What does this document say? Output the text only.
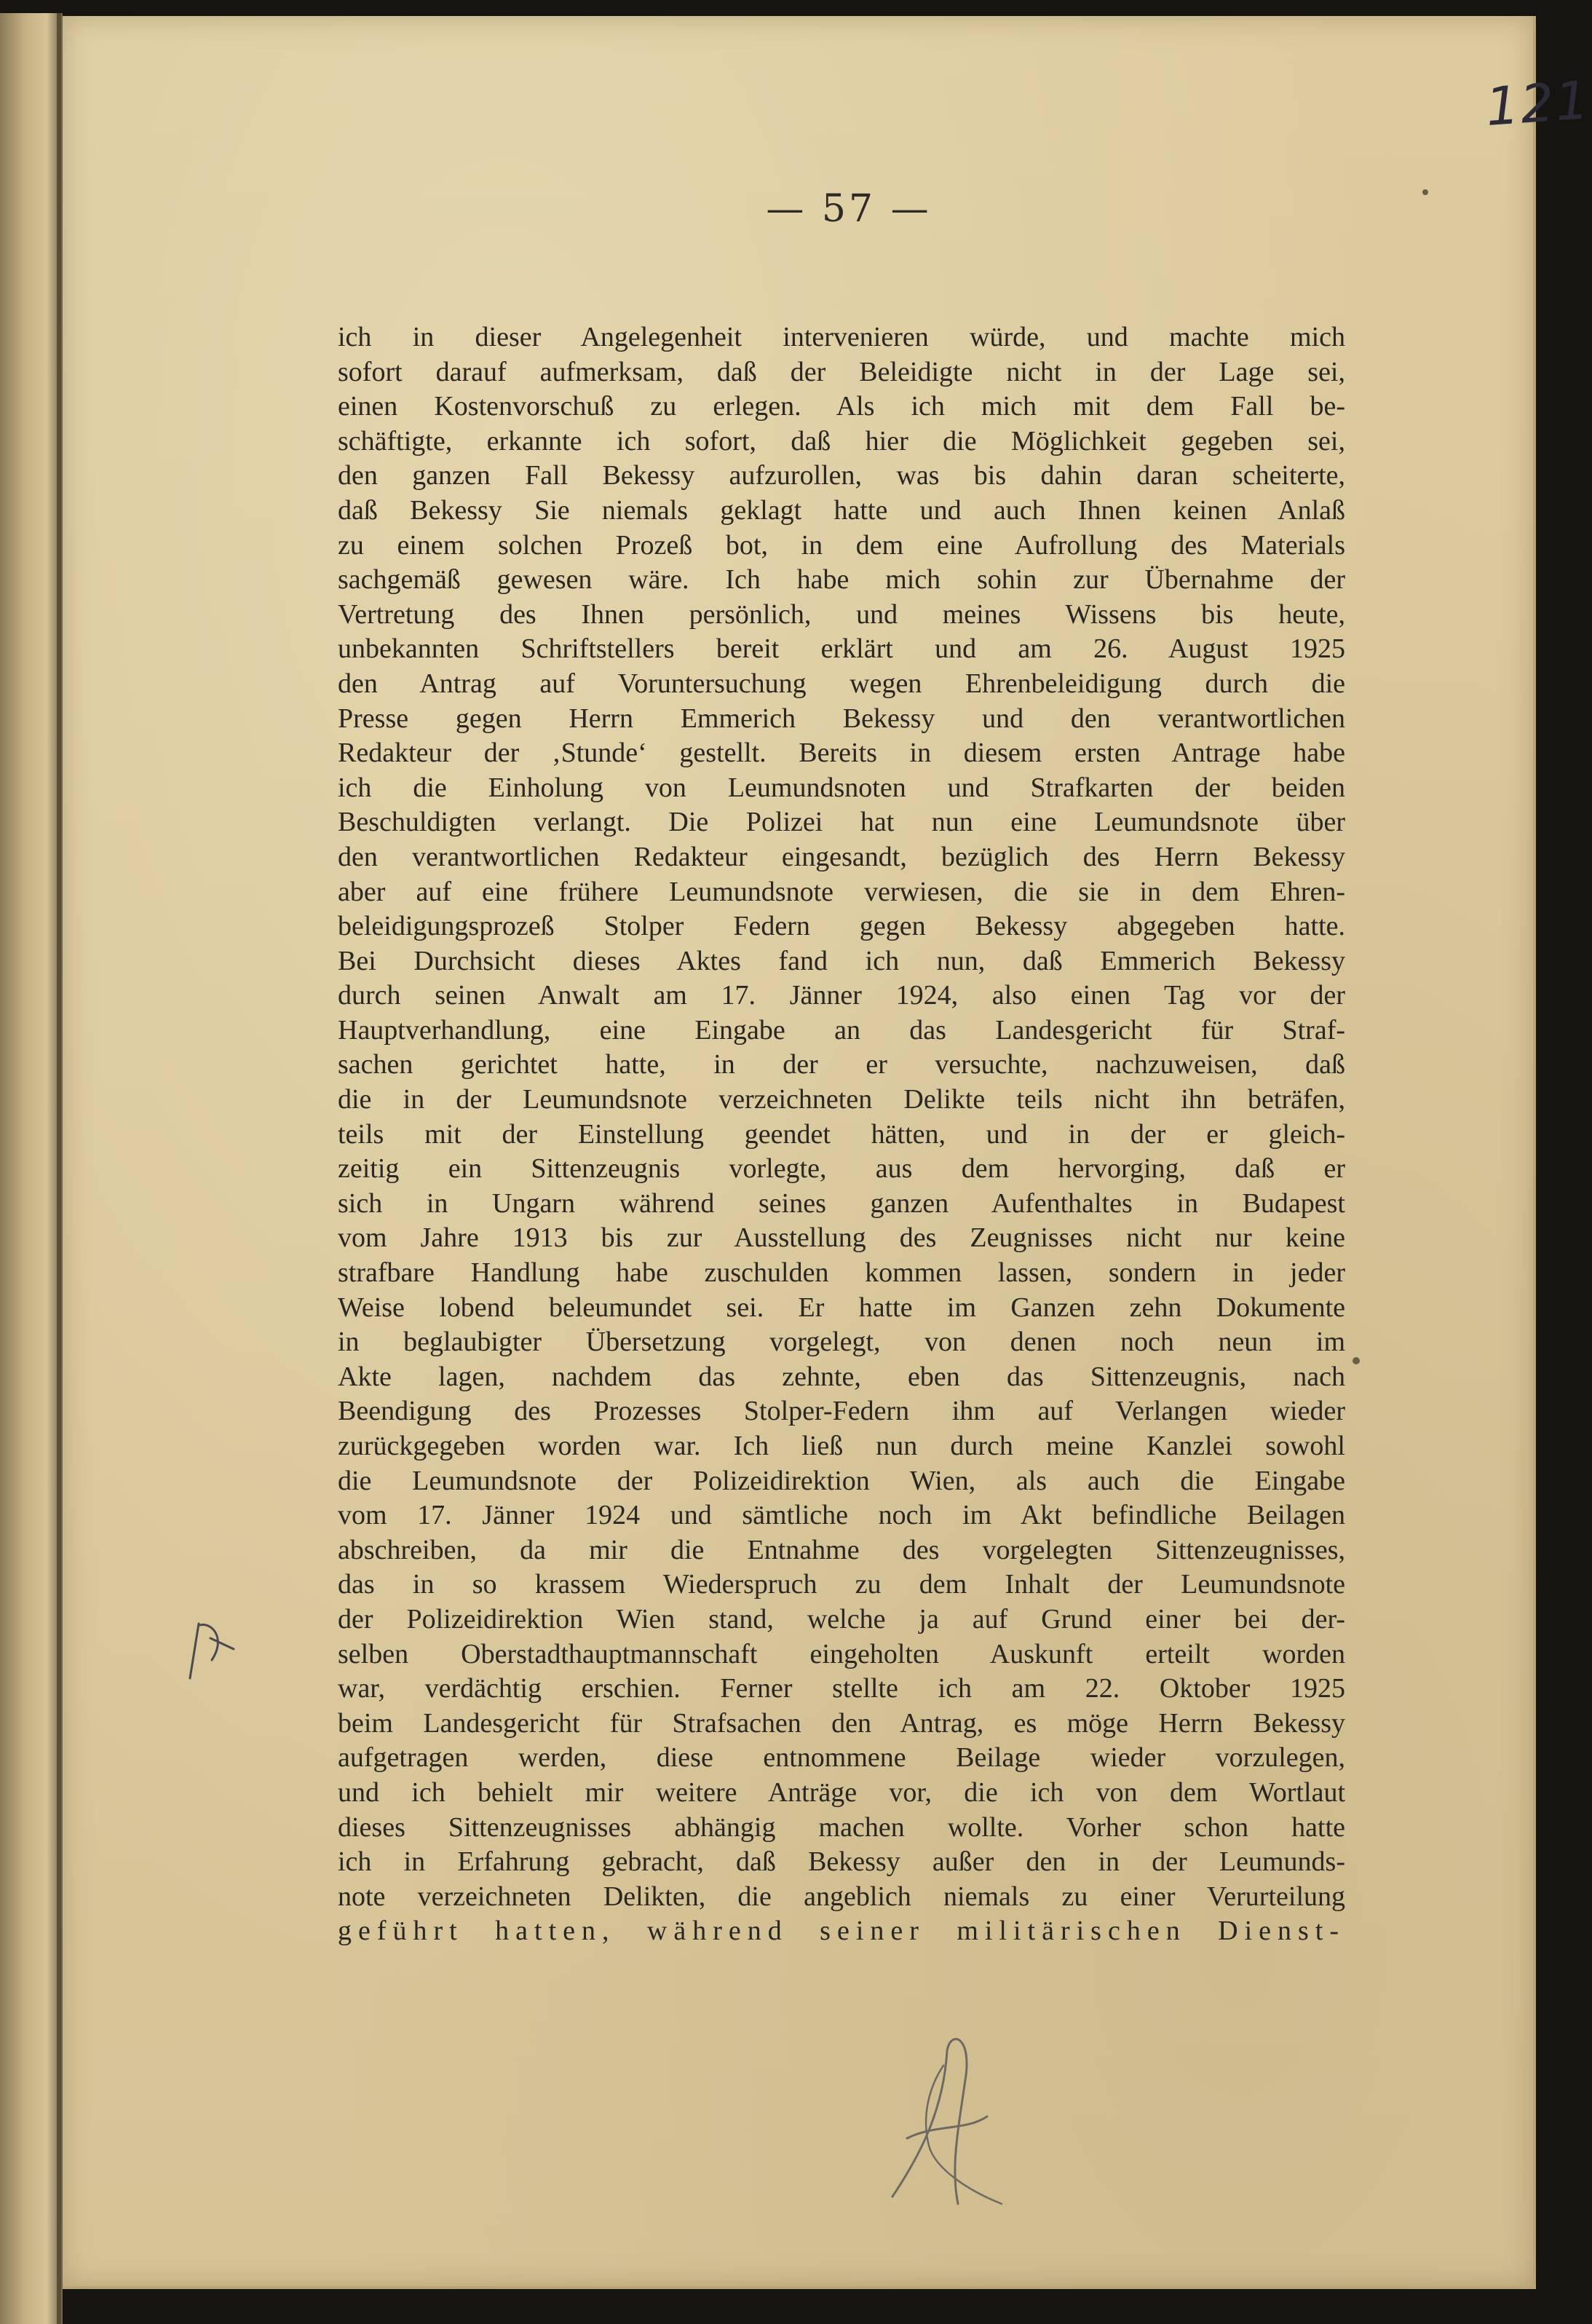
121
— 57 —
ich in dieser Angelegenheit intervenieren würde, und machte mich
sofort darauf aufmerksam, daß der Beleidigte nicht in der Lage sei,
einen Kostenvorschuß zu erlegen. Als ich mich mit dem Fall be-
schäftigte, erkannte ich sofort, daß hier die Möglichkeit gegeben sei,
den ganzen Fall Bekessy aufzurollen, was bis dahin daran scheiterte,
daß Bekessy Sie niemals geklagt hatte und auch Ihnen keinen Anlaß
zu einem solchen Prozeß bot, in dem eine Aufrollung des Materials
sachgemäß gewesen wäre. Ich habe mich sohin zur Übernahme der
Vertretung des Ihnen persönlich, und meines Wissens bis heute,
unbekannten Schriftstellers bereit erklärt und am 26. August 1925
den Antrag auf Voruntersuchung wegen Ehrenbeleidigung durch die
Presse gegen Herrn Emmerich Bekessy und den verantwortlichen
Redakteur der ‚Stunde‘ gestellt. Bereits in diesem ersten Antrage habe
ich die Einholung von Leumundsnoten und Strafkarten der beiden
Beschuldigten verlangt. Die Polizei hat nun eine Leumundsnote über
den verantwortlichen Redakteur eingesandt, bezüglich des Herrn Bekessy
aber auf eine frühere Leumundsnote verwiesen, die sie in dem Ehren-
beleidigungsprozeß Stolper Federn gegen Bekessy abgegeben hatte.
Bei Durchsicht dieses Aktes fand ich nun, daß Emmerich Bekessy
durch seinen Anwalt am 17. Jänner 1924, also einen Tag vor der
Hauptverhandlung, eine Eingabe an das Landesgericht für Straf-
sachen gerichtet hatte, in der er versuchte, nachzuweisen, daß
die in der Leumundsnote verzeichneten Delikte teils nicht ihn beträfen,
teils mit der Einstellung geendet hätten, und in der er gleich-
zeitig ein Sittenzeugnis vorlegte, aus dem hervorging, daß er
sich in Ungarn während seines ganzen Aufenthaltes in Budapest
vom Jahre 1913 bis zur Ausstellung des Zeugnisses nicht nur keine
strafbare Handlung habe zuschulden kommen lassen, sondern in jeder
Weise lobend beleumundet sei. Er hatte im Ganzen zehn Dokumente
in beglaubigter Übersetzung vorgelegt, von denen noch neun im
Akte lagen, nachdem das zehnte, eben das Sittenzeugnis, nach
Beendigung des Prozesses Stolper-Federn ihm auf Verlangen wieder
zurückgegeben worden war. Ich ließ nun durch meine Kanzlei sowohl
die Leumundsnote der Polizeidirektion Wien, als auch die Eingabe
vom 17. Jänner 1924 und sämtliche noch im Akt befindliche Beilagen
abschreiben, da mir die Entnahme des vorgelegten Sittenzeugnisses,
das in so krassem Wiederspruch zu dem Inhalt der Leumundsnote
der Polizeidirektion Wien stand, welche ja auf Grund einer bei der-
selben Oberstadthauptmannschaft eingeholten Auskunft erteilt worden
war, verdächtig erschien. Ferner stellte ich am 22. Oktober 1925
beim Landesgericht für Strafsachen den Antrag, es möge Herrn Bekessy
aufgetragen werden, diese entnommene Beilage wieder vorzulegen,
und ich behielt mir weitere Anträge vor, die ich von dem Wortlaut
dieses Sittenzeugnisses abhängig machen wollte. Vorher schon hatte
ich in Erfahrung gebracht, daß Bekessy außer den in der Leumunds-
note verzeichneten Delikten, die angeblich niemals zu einer Verurteilung
geführt hatten, während seiner militärischen Dienst-
